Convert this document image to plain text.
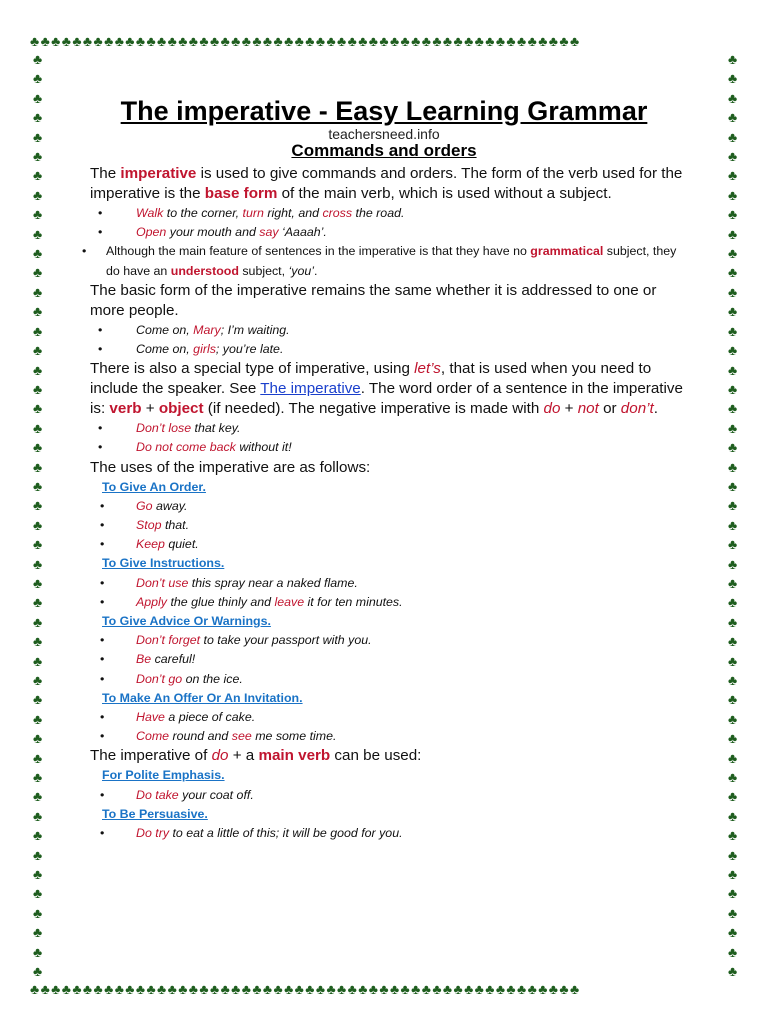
♣♣♣♣♣♣♣♣♣♣♣♣♣♣♣♣♣♣♣♣♣♣♣♣♣♣♣♣♣♣♣♣♣♣♣♣♣♣♣♣♣♣♣♣♣♣♣♣♣♣♣♣
♣♣♣♣♣♣♣♣♣♣♣♣♣♣♣♣♣♣♣♣♣♣♣♣♣♣♣♣♣♣♣♣♣♣♣♣♣♣♣♣♣♣♣♣♣♣♣♣♣♣♣♣
♣♣♣♣♣♣♣♣♣♣♣♣♣♣♣♣♣♣♣♣♣♣♣♣♣♣♣♣♣♣♣♣♣♣♣♣♣♣♣♣♣♣♣♣♣♣♣♣
♣♣♣♣♣♣♣♣♣♣♣♣♣♣♣♣♣♣♣♣♣♣♣♣♣♣♣♣♣♣♣♣♣♣♣♣♣♣♣♣♣♣♣♣♣♣♣♣
The imperative - Easy Learning Grammar
teachersneed.info
Commands and orders

The imperative is used to give commands and orders. The form of the verb used for the imperative is the base form of the main verb, which is used without a subject.

• Walk to the corner, turn right, and cross the road.
• Open your mouth and say ‘Aaaah’.
• Although the main feature of sentences in the imperative is that they have no grammatical subject, they do have an understood subject, ‘you’.

The basic form of the imperative remains the same whether it is addressed to one or more people.

• Come on, Mary; I’m waiting.
• Come on, girls; you’re late.

There is also a special type of imperative, using let’s, that is used when you need to include the speaker. See The imperative. The word order of a sentence in the imperative is: verb + object (if needed). The negative imperative is made with do + not or don’t.

• Don’t lose that key.
• Do not come back without it!

The uses of the imperative are as follows:

To Give An Order.
• Go away.
• Stop that.
• Keep quiet.
To Give Instructions.
• Don’t use this spray near a naked flame.
• Apply the glue thinly and leave it for ten minutes.
To Give Advice Or Warnings.
• Don’t forget to take your passport with you.
• Be careful!
• Don’t go on the ice.
To Make An Offer Or An Invitation.
• Have a piece of cake.
• Come round and see me some time.

The imperative of do + a main verb can be used:

For Polite Emphasis.
• Do take your coat off.
To Be Persuasive.
• Do try to eat a little of this; it will be good for you.
